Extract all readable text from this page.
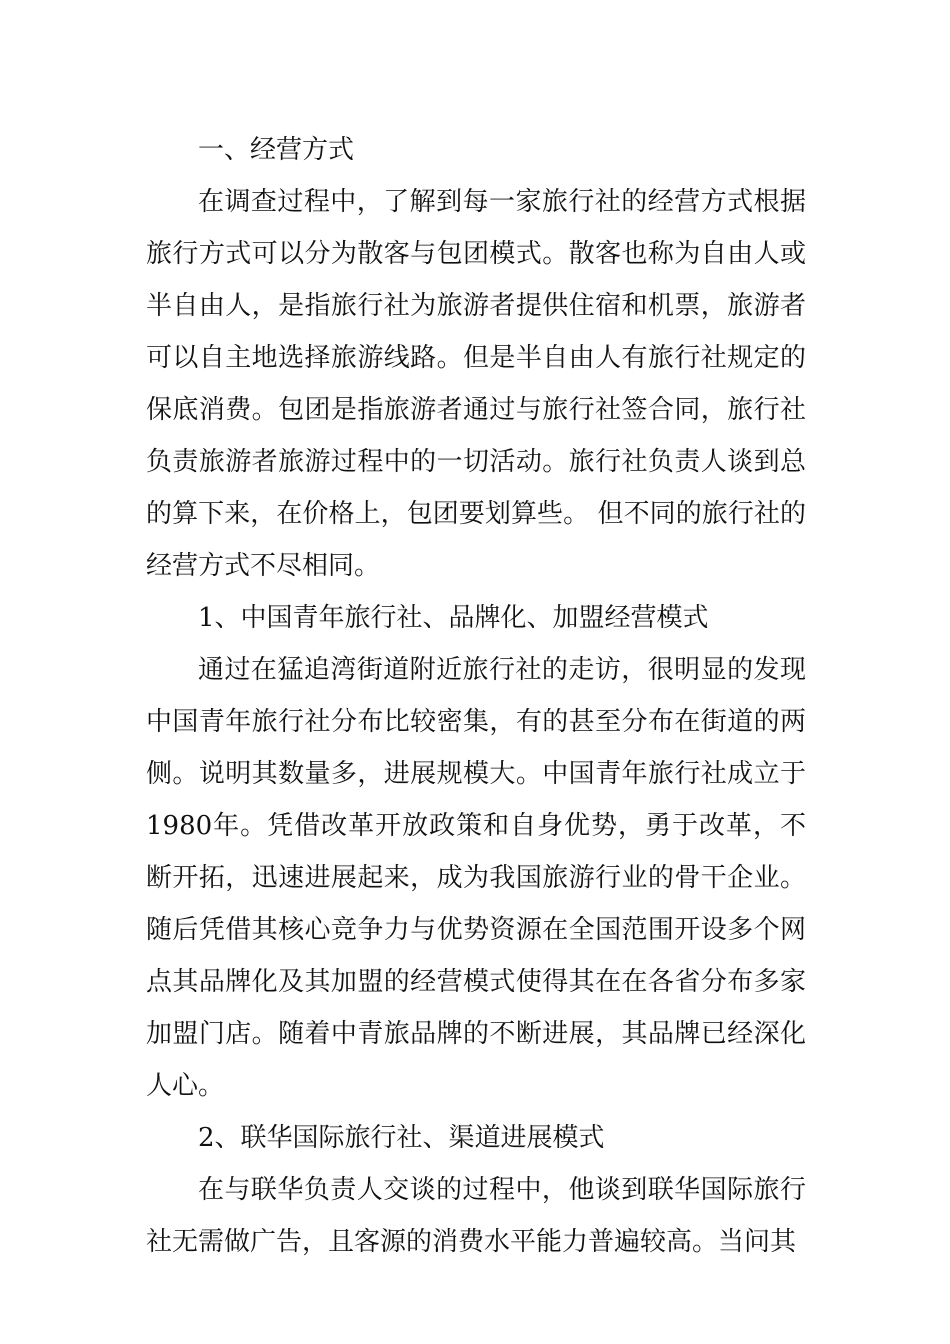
一、经营方式

在调查过程中，了解到每一家旅行社的经营方式根据旅行方式可以分为散客与包团模式。散客也称为自由人或半自由人，是指旅行社为旅游者提供住宿和机票，旅游者可以自主地选择旅游线路。但是半自由人有旅行社规定的保底消费。包团是指旅游者通过与旅行社签合同，旅行社负责旅游者旅游过程中的一切活动。旅行社负责人谈到总的算下来，在价格上，包团要划算些。 但不同的旅行社的经营方式不尽相同。

1、中国青年旅行社、品牌化、加盟经营模式

通过在猛追湾街道附近旅行社的走访，很明显的发现中国青年旅行社分布比较密集，有的甚至分布在街道的两侧。说明其数量多，进展规模大。中国青年旅行社成立于1980年。凭借改革开放政策和自身优势，勇于改革，不断开拓，迅速进展起来，成为我国旅游行业的骨干企业。 随后凭借其核心竞争力与优势资源在全国范围开设多个网点其品牌化及其加盟的经营模式使得其在在各省分布多家加盟门店。随着中青旅品牌的不断进展，其品牌已经深化人心。

2、联华国际旅行社、渠道进展模式

在与联华负责人交谈的过程中，他谈到联华国际旅行社无需做广告，且客源的消费水平能力普遍较高。当问其
